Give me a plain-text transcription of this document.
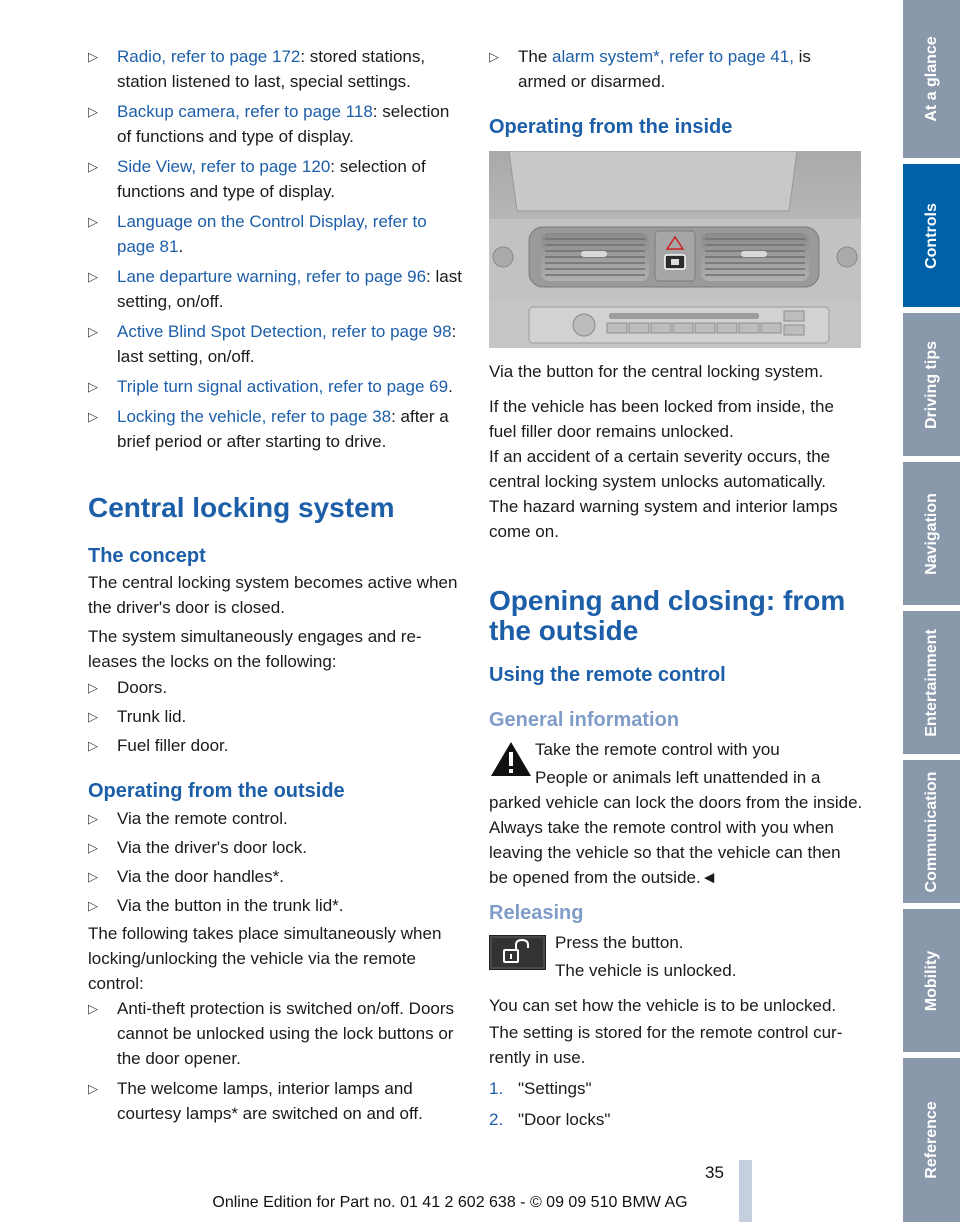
▷ Radio, refer to page 172: stored stations, station listened to last, special settings.
▷ Backup camera, refer to page 118: selection of functions and type of display.
▷ Side View, refer to page 120: selection of functions and type of display.
▷ Language on the Control Display, refer to page 81.
▷ Lane departure warning, refer to page 96: last setting, on/off.
▷ Active Blind Spot Detection, refer to page 98: last setting, on/off.
▷ Triple turn signal activation, refer to page 69.
▷ Locking the vehicle, refer to page 38: after a brief period or after starting to drive.
Central locking system
The concept

The central locking system becomes active when the driver's door is closed.

The system simultaneously engages and releases the locks on the following:

▷ Doors.
▷ Trunk lid.
▷ Fuel filler door.
Operating from the outside
▷ Via the remote control.
▷ Via the driver's door lock.
▷ Via the door handles*.
▷ Via the button in the trunk lid*.

The following takes place simultaneously when locking/unlocking the vehicle via the remote control:

▷ Anti-theft protection is switched on/off. Doors cannot be unlocked using the lock buttons or the door opener.
▷ The welcome lamps, interior lamps and courtesy lamps* are switched on and off.
▷ The alarm system*, refer to page 41, is armed or disarmed.
Operating from the inside

Via the button for the central locking system.

If the vehicle has been locked from inside, the fuel filler door remains unlocked.

If an accident of a certain severity occurs, the central locking system unlocks automatically.

The hazard warning system and interior lamps come on.

Opening and closing: from the outside
Using the remote control
General information

Take the remote control with you

People or animals left unattended in a

parked vehicle can lock the doors from the inside. Always take the remote control with you when leaving the vehicle so that the vehicle can then be opened from the outside.◄

Releasing

Press the button.

The vehicle is unlocked.

You can set how the vehicle is to be unlocked.

The setting is stored for the remote control currently in use.

1. "Settings"
2. "Door locks"
At a glance
Controls
Driving tips
Navigation
Entertainment
Communication
Mobility
Reference
35
Online Edition for Part no. 01 41 2 602 638 - © 09 09 510 BMW AG
